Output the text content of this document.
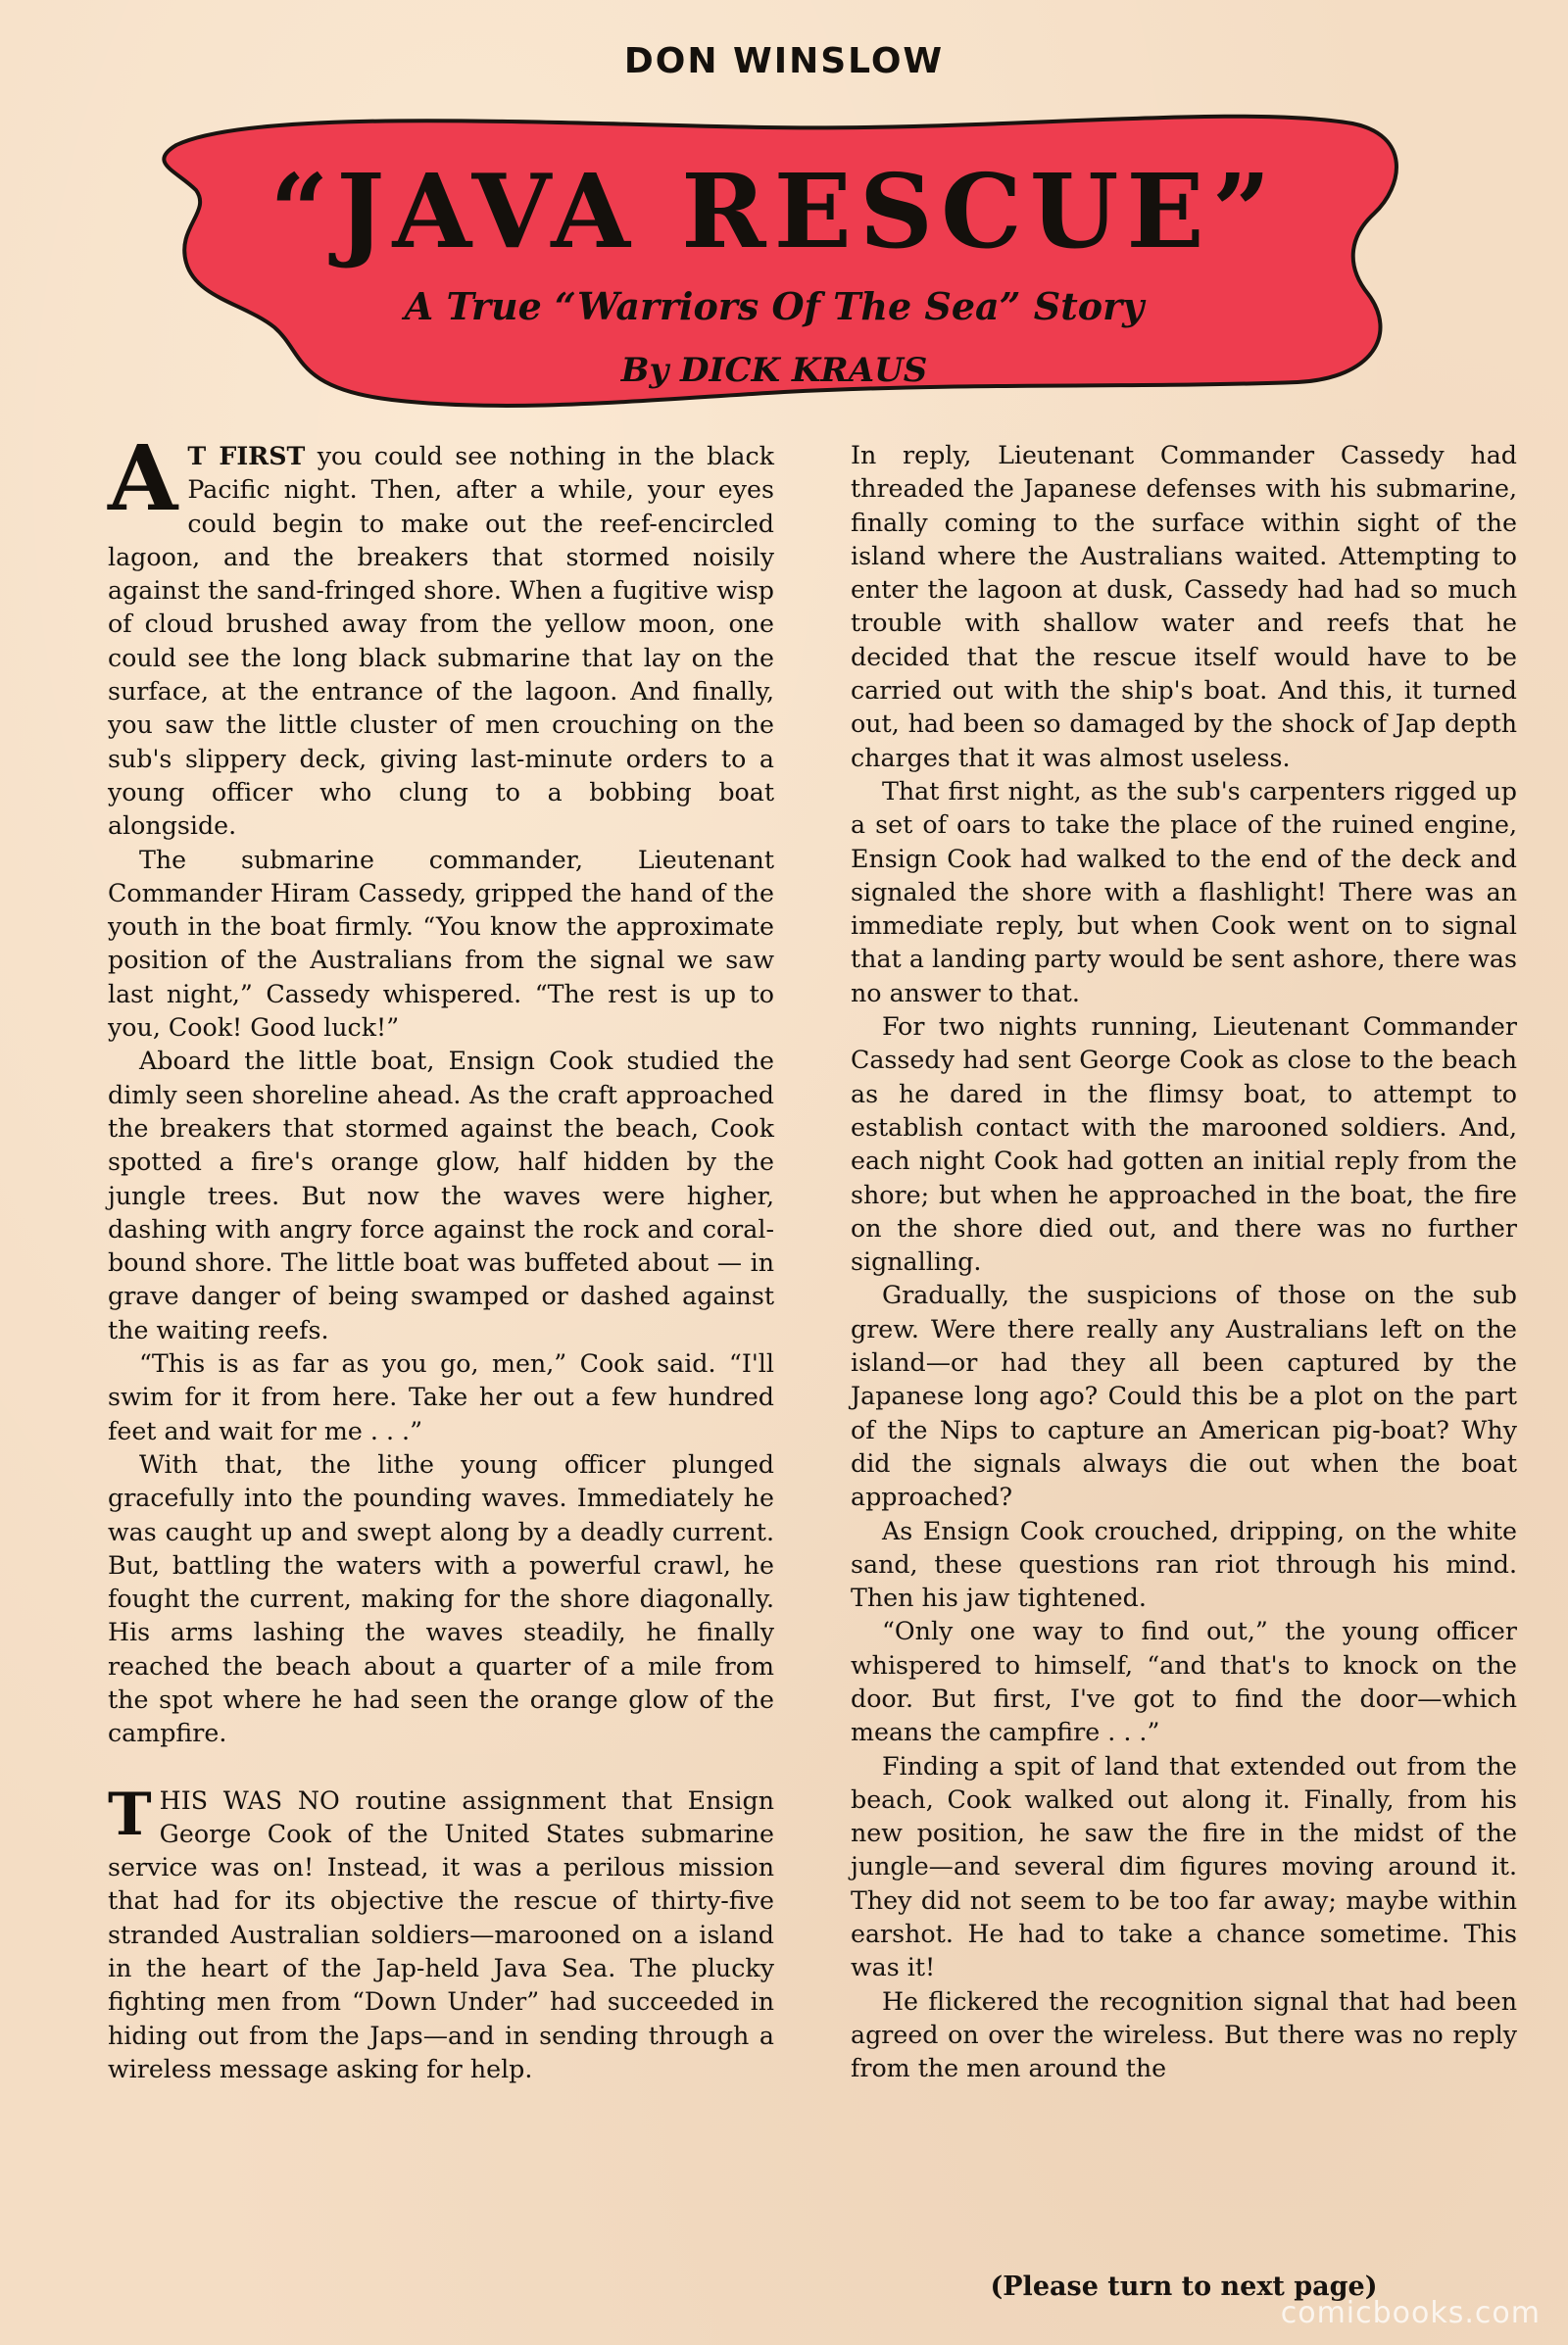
DON WINSLOW
“JAVA RESCUE”
A True “Warriors Of The Sea” Story
By DICK KRAUS

A T FIRST you could see nothing in the black Pacific night. Then, after a while, your eyes could begin to make out the reef-encircled lagoon, and the breakers that stormed noisily against the sand-fringed shore. When a fugitive wisp of cloud brushed away from the yellow moon, one could see the long black submarine that lay on the surface, at the entrance of the lagoon. And finally, you saw the little cluster of men crouching on the sub's slippery deck, giving last-minute orders to a young officer who clung to a bobbing boat alongside.

The submarine commander, Lieutenant Commander Hiram Cassedy, gripped the hand of the youth in the boat firmly. “You know the approximate position of the Australians from the signal we saw last night,” Cassedy whispered. “The rest is up to you, Cook! Good luck!”

Aboard the little boat, Ensign Cook studied the dimly seen shoreline ahead. As the craft approached the breakers that stormed against the beach, Cook spotted a fire's orange glow, half hidden by the jungle trees. But now the waves were higher, dashing with angry force against the rock and coral-bound shore. The little boat was buffeted about — in grave danger of being swamped or dashed against the waiting reefs.

“This is as far as you go, men,” Cook said. “I'll swim for it from here. Take her out a few hundred feet and wait for me . . .”

With that, the lithe young officer plunged gracefully into the pounding waves. Immediately he was caught up and swept along by a deadly current. But, battling the waters with a powerful crawl, he fought the current, making for the shore diagonally. His arms lashing the waves steadily, he finally reached the beach about a quarter of a mile from the spot where he had seen the orange glow of the campfire.

THIS WAS NO routine assignment that Ensign George Cook of the United States submarine service was on! Instead, it was a perilous mission that had for its objective the rescue of thirty-five stranded Australian soldiers—marooned on a island in the heart of the Jap-held Java Sea. The plucky fighting men from “Down Under” had succeeded in hiding out from the Japs—and in sending through a wireless message asking for help.

In reply, Lieutenant Commander Cassedy had threaded the Japanese defenses with his submarine, finally coming to the surface within sight of the island where the Australians waited. Attempting to enter the lagoon at dusk, Cassedy had had so much trouble with shallow water and reefs that he decided that the rescue itself would have to be carried out with the ship's boat. And this, it turned out, had been so damaged by the shock of Jap depth charges that it was almost useless.

That first night, as the sub's carpenters rigged up a set of oars to take the place of the ruined engine, Ensign Cook had walked to the end of the deck and signaled the shore with a flashlight! There was an immediate reply, but when Cook went on to signal that a landing party would be sent ashore, there was no answer to that.

For two nights running, Lieutenant Commander Cassedy had sent George Cook as close to the beach as he dared in the flimsy boat, to attempt to establish contact with the marooned soldiers. And, each night Cook had gotten an initial reply from the shore; but when he approached in the boat, the fire on the shore died out, and there was no further signalling.

Gradually, the suspicions of those on the sub grew. Were there really any Australians left on the island—or had they all been captured by the Japanese long ago? Could this be a plot on the part of the Nips to capture an American pig-boat? Why did the signals always die out when the boat approached?

As Ensign Cook crouched, dripping, on the white sand, these questions ran riot through his mind. Then his jaw tightened.

“Only one way to find out,” the young officer whispered to himself, “and that's to knock on the door. But first, I've got to find the door—which means the campfire . . .”

Finding a spit of land that extended out from the beach, Cook walked out along it. Finally, from his new position, he saw the fire in the midst of the jungle—and several dim figures moving around it. They did not seem to be too far away; maybe within earshot. He had to take a chance sometime. This was it!

He flickered the recognition signal that had been agreed on over the wireless. But there was no reply from the men around the

(Please turn to next page)
comicbooks.com
